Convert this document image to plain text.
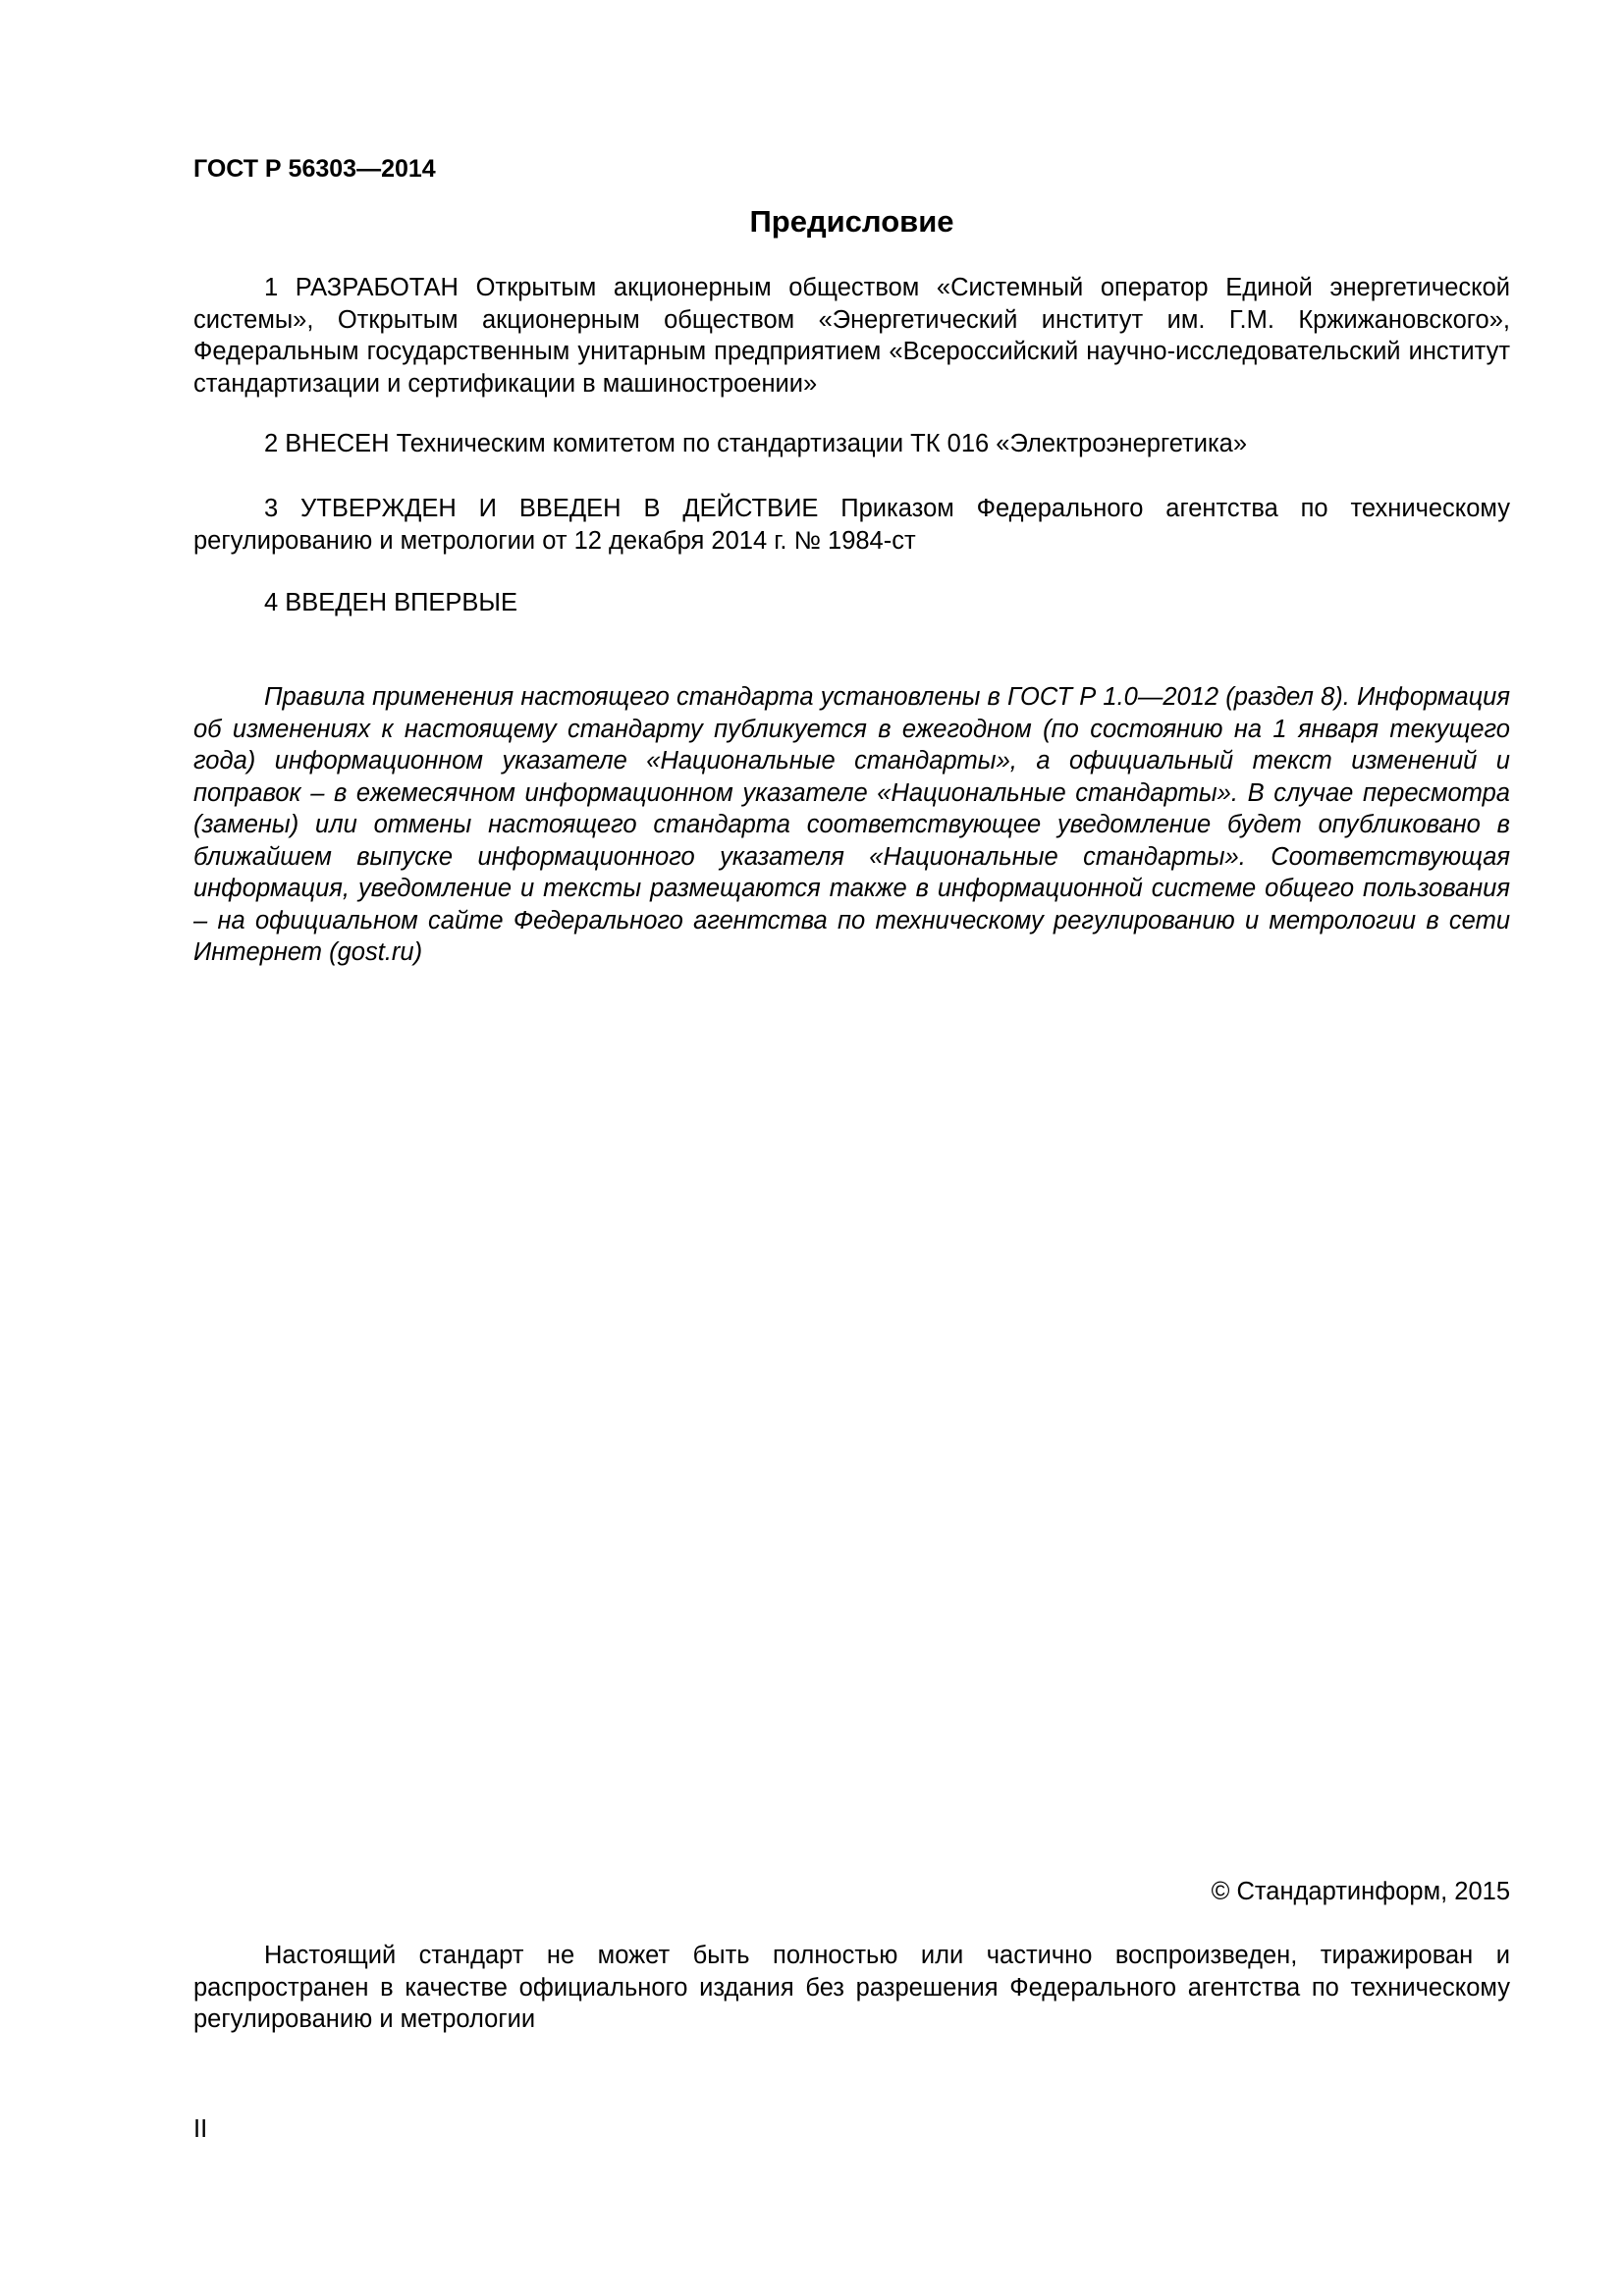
ГОСТ Р 56303—2014

Предисловие

1 РАЗРАБОТАН Открытым акционерным обществом «Системный оператор Единой энергетической системы», Открытым акционерным обществом «Энергетический институт им. Г.М. Кржижановского», Федеральным государственным унитарным предприятием «Всероссийский научно-исследовательский институт стандартизации и сертификации в машиностроении»

2 ВНЕСЕН Техническим комитетом по стандартизации ТК 016 «Электроэнергетика»

3 УТВЕРЖДЕН И ВВЕДЕН В ДЕЙСТВИЕ Приказом Федерального агентства по техническому регулированию и метрологии от 12 декабря 2014 г. № 1984-ст

4 ВВЕДЕН ВПЕРВЫЕ

Правила применения настоящего стандарта установлены в ГОСТ Р 1.0—2012 (раздел 8). Информация об изменениях к настоящему стандарту публикуется в ежегодном (по состоянию на 1 января текущего года) информационном указателе «Национальные стандарты», а официальный текст изменений и поправок – в ежемесячном информационном указателе «Национальные стандарты». В случае пересмотра (замены) или отмены настоящего стандарта соответствующее уведомление будет опубликовано в ближайшем выпуске информационного указателя «Национальные стандарты». Соответствующая информация, уведомление и тексты размещаются также в информационной системе общего пользования – на официальном сайте Федерального агентства по техническому регулированию и метрологии в сети Интернет (gost.ru)

© Стандартинформ, 2015

Настоящий стандарт не может быть полностью или частично воспроизведен, тиражирован и распространен в качестве официального издания без разрешения Федерального агентства по техническому регулированию и метрологии

II
